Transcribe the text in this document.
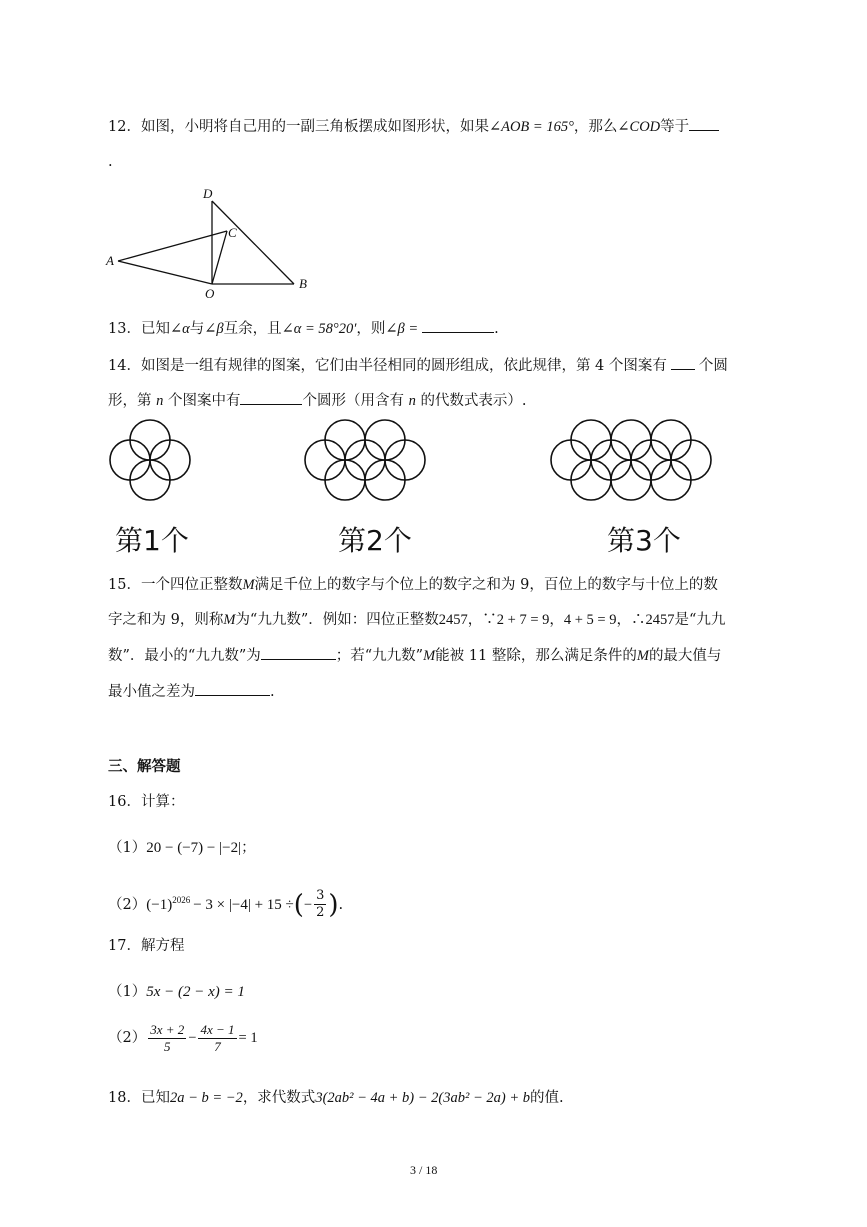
12．如图，小明将自己用的一副三角板摆成如图形状，如果∠AOB = 165°，那么∠COD等于
.
D
C
A
O
B
13．已知∠α与∠β互余，且∠α = 58°20′，则∠β =	.
14．如图是一组有规律的图案，它们由半径相同的圆形组成，依此规律，第 4 个图案有 个圆
形，第 n 个图案中有	个圆形（用含有 n 的代数式表示）.
第1个	第2个	第3个
15．一个四位正整数M满足千位上的数字与个位上的数字之和为 9，百位上的数字与十位上的数
字之和为 9，则称M为“九九数”．例如：四位正整数2457，∵2 + 7 = 9，4 + 5 = 9，∴2457是“九九
数”．最小的“九九数”为	；若“九九数”M能被 11 整除，那么满足条件的M的最大值与
最小值之差为	.
三、解答题
16．计算：
（1）20 − (−7) − |−2|；
$(2)(-1)^{2026} - 3 \times |-4| + 15$ ÷(− $\frac{3}{2}$ ).
17．解方程
（1）5x − (2 − x) = 1
$(2) \frac{3x + 2}{5} - \frac{4x - 1}{7} = 1$
18．已知2a − b = −2，求代数式3(2ab² − 4a + b) − 2(3ab² − 2a) + b的值.
3 / 18
